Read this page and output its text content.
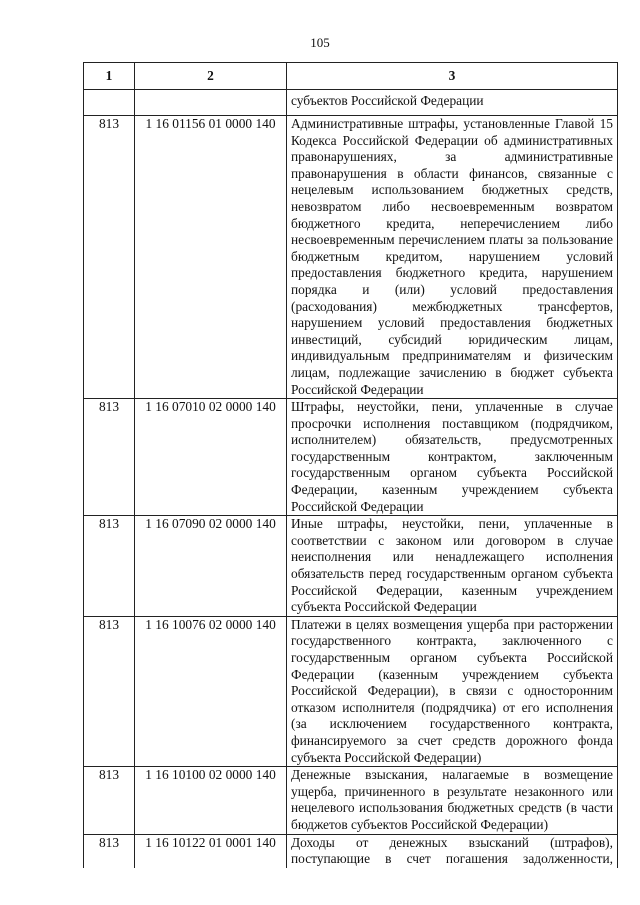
105
1	2	3
		субъектов Российской Федерации
813	1 16 01156 01 0000 140	Административные штрафы, установленные Главой 15 Кодекса Российской Федерации об административных правонарушениях, за административные правонарушения в области финансов, связанные с нецелевым использованием бюджетных средств, невозвратом либо несвоевременным возвратом бюджетного кредита, неперечислением либо несвоевременным перечислением платы за пользование бюджетным кредитом, нарушением условий предоставления бюджетного кредита, нарушением порядка и (или) условий предоставления (расходования) межбюджетных трансфертов, нарушением условий предоставления бюджетных инвестиций, субсидий юридическим лицам, индивидуальным предпринимателям и физическим лицам, подлежащие зачислению в бюджет субъекта Российской Федерации
813	1 16 07010 02 0000 140	Штрафы, неустойки, пени, уплаченные в случае просрочки исполнения поставщиком (подрядчиком, исполнителем) обязательств, предусмотренных государственным контрактом, заключенным государственным органом субъекта Российской Федерации, казенным учреждением субъекта Российской Федерации
813	1 16 07090 02 0000 140	Иные штрафы, неустойки, пени, уплаченные в соответствии с законом или договором в случае неисполнения или ненадлежащего исполнения обязательств перед государственным органом субъекта Российской Федерации, казенным учреждением субъекта Российской Федерации
813	1 16 10076 02 0000 140	Платежи в целях возмещения ущерба при расторжении государственного контракта, заключенного с государственным органом субъекта Российской Федерации (казенным учреждением субъекта Российской Федерации), в связи с односторонним отказом исполнителя (подрядчика) от его исполнения (за исключением государственного контракта, финансируемого за счет средств дорожного фонда субъекта Российской Федерации)
813	1 16 10100 02 0000 140	Денежные взыскания, налагаемые в возмещение ущерба, причиненного в результате незаконного или нецелевого использования бюджетных средств (в части бюджетов субъектов Российской Федерации)
813	1 16 10122 01 0001 140	Доходы от денежных взысканий (штрафов), поступающие в счет погашения задолженности,
